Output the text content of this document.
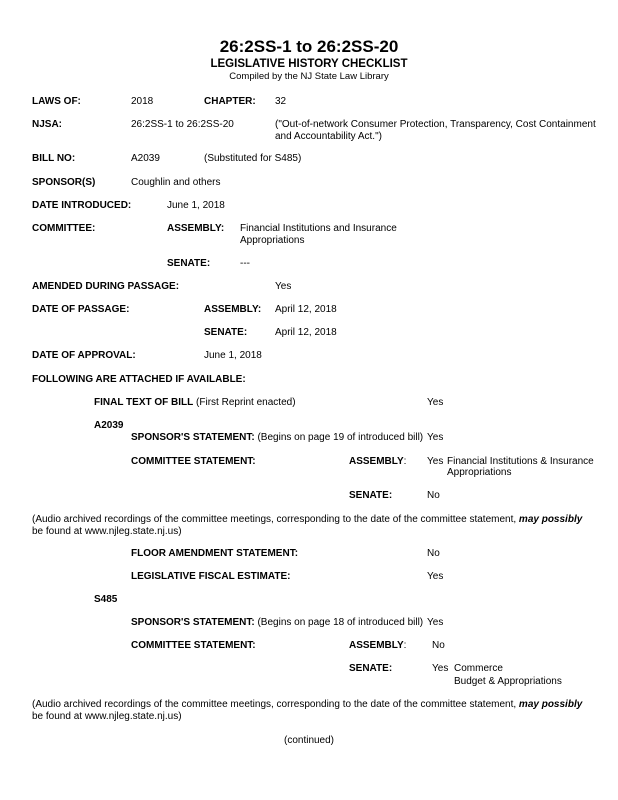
26:2SS-1 to 26:2SS-20
LEGISLATIVE HISTORY CHECKLIST
Compiled by the NJ State Law Library
LAWS OF:	2018	CHAPTER: 32
NJSA:	26:2SS-1 to 26:2SS-20	("Out-of-network Consumer Protection, Transparency, Cost Containment
and Accountability Act.")
BILL NO:	A2039	(Substituted for S485)
SPONSOR(S)	Coughlin and others
DATE INTRODUCED:	June 1, 2018
COMMITTEE:	ASSEMBLY: Financial Institutions and Insurance
Appropriations
SENATE:	---
AMENDED DURING PASSAGE:	Yes
DATE OF PASSAGE:	ASSEMBLY: April 12, 2018
SENATE:	April 12, 2018
DATE OF APPROVAL:	June 1, 2018
FOLLOWING ARE ATTACHED IF AVAILABLE:
FINAL TEXT OF BILL (First Reprint enacted)	Yes
A2039
SPONSOR'S STATEMENT: (Begins on page 19 of introduced bill) Yes
COMMITTEE STATEMENT:	ASSEMBLY: Yes Financial Institutions & Insurance
Appropriations
SENATE:	No
(Audio archived recordings of the committee meetings, corresponding to the date of the committee statement, may possibly
be found at www.njleg.state.nj.us)
FLOOR AMENDMENT STATEMENT:	No
LEGISLATIVE FISCAL ESTIMATE:	Yes
S485
SPONSOR'S STATEMENT: (Begins on page 18 of introduced bill) Yes
COMMITTEE STATEMENT:	ASSEMBLY:	No
SENATE:	Yes Commerce
Budget & Appropriations
(Audio archived recordings of the committee meetings, corresponding to the date of the committee statement, may possibly
be found at www.njleg.state.nj.us)
(continued)
